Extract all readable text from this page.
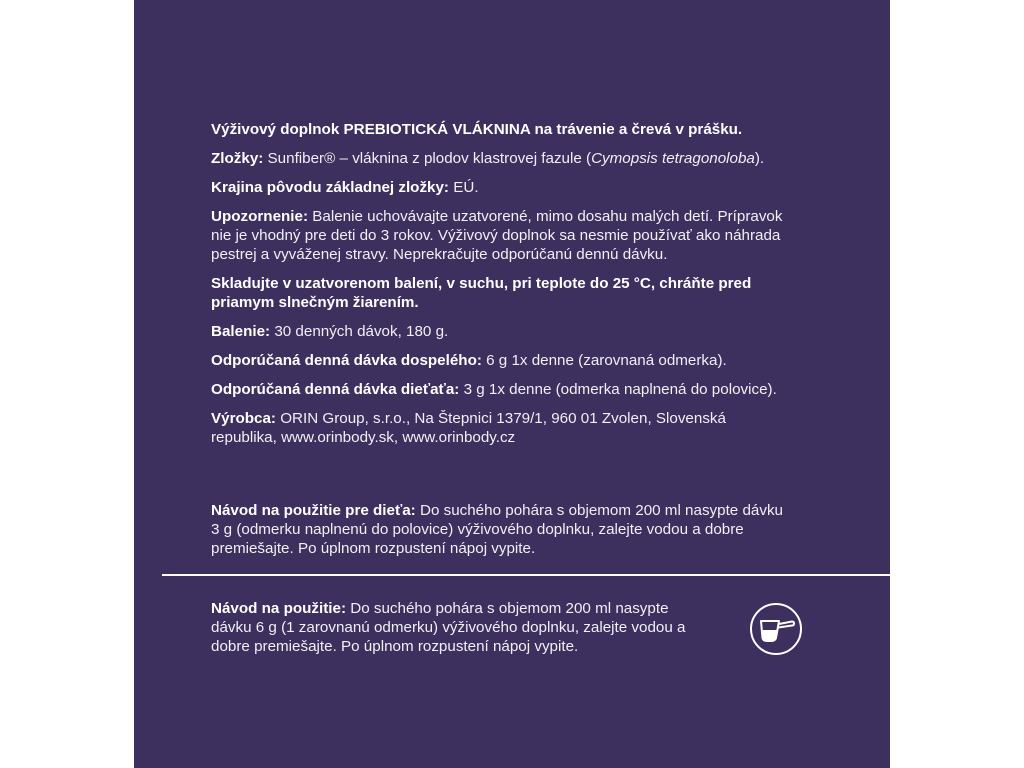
Výživový doplnok PREBIOTICKÁ VLÁKNINA na trávenie a črevá v prášku.

Zložky: Sunfiber® – vláknina z plodov klastrovej fazule (Cymopsis tetragonoloba).

Krajina pôvodu základnej zložky: EÚ.

Upozornenie: Balenie uchovávajte uzatvorené, mimo dosahu malých detí. Prípravok nie je vhodný pre deti do 3 rokov. Výživový doplnok sa nesmie používať ako náhrada pestrej a vyváženej stravy. Neprekračujte odporúčanú dennú dávku.

Skladujte v uzatvorenom balení, v suchu, pri teplote do 25 °C, chráňte pred priamym slnečným žiarením.

Balenie: 30 denných dávok, 180 g.

Odporúčaná denná dávka dospelého: 6 g 1x denne (zarovnaná odmerka).

Odporúčaná denná dávka dieťaťa: 3 g 1x denne (odmerka naplnená do polovice).

Výrobca: ORIN Group, s.r.o., Na Štepnici 1379/1, 960 01 Zvolen, Slovenská republika, www.orinbody.sk, www.orinbody.cz

Návod na použitie pre dieťa: Do suchého pohára s objemom 200 ml nasypte dávku 3 g (odmerku naplnenú do polovice) výživového doplnku, zalejte vodou a dobre premiešajte. Po úplnom rozpustení nápoj vypite.

Návod na použitie: Do suchého pohára s objemom 200 ml nasypte dávku 6 g (1 zarovnanú odmerku) výživového doplnku, zalejte vodou a dobre premiešajte. Po úplnom rozpustení nápoj vypite.
